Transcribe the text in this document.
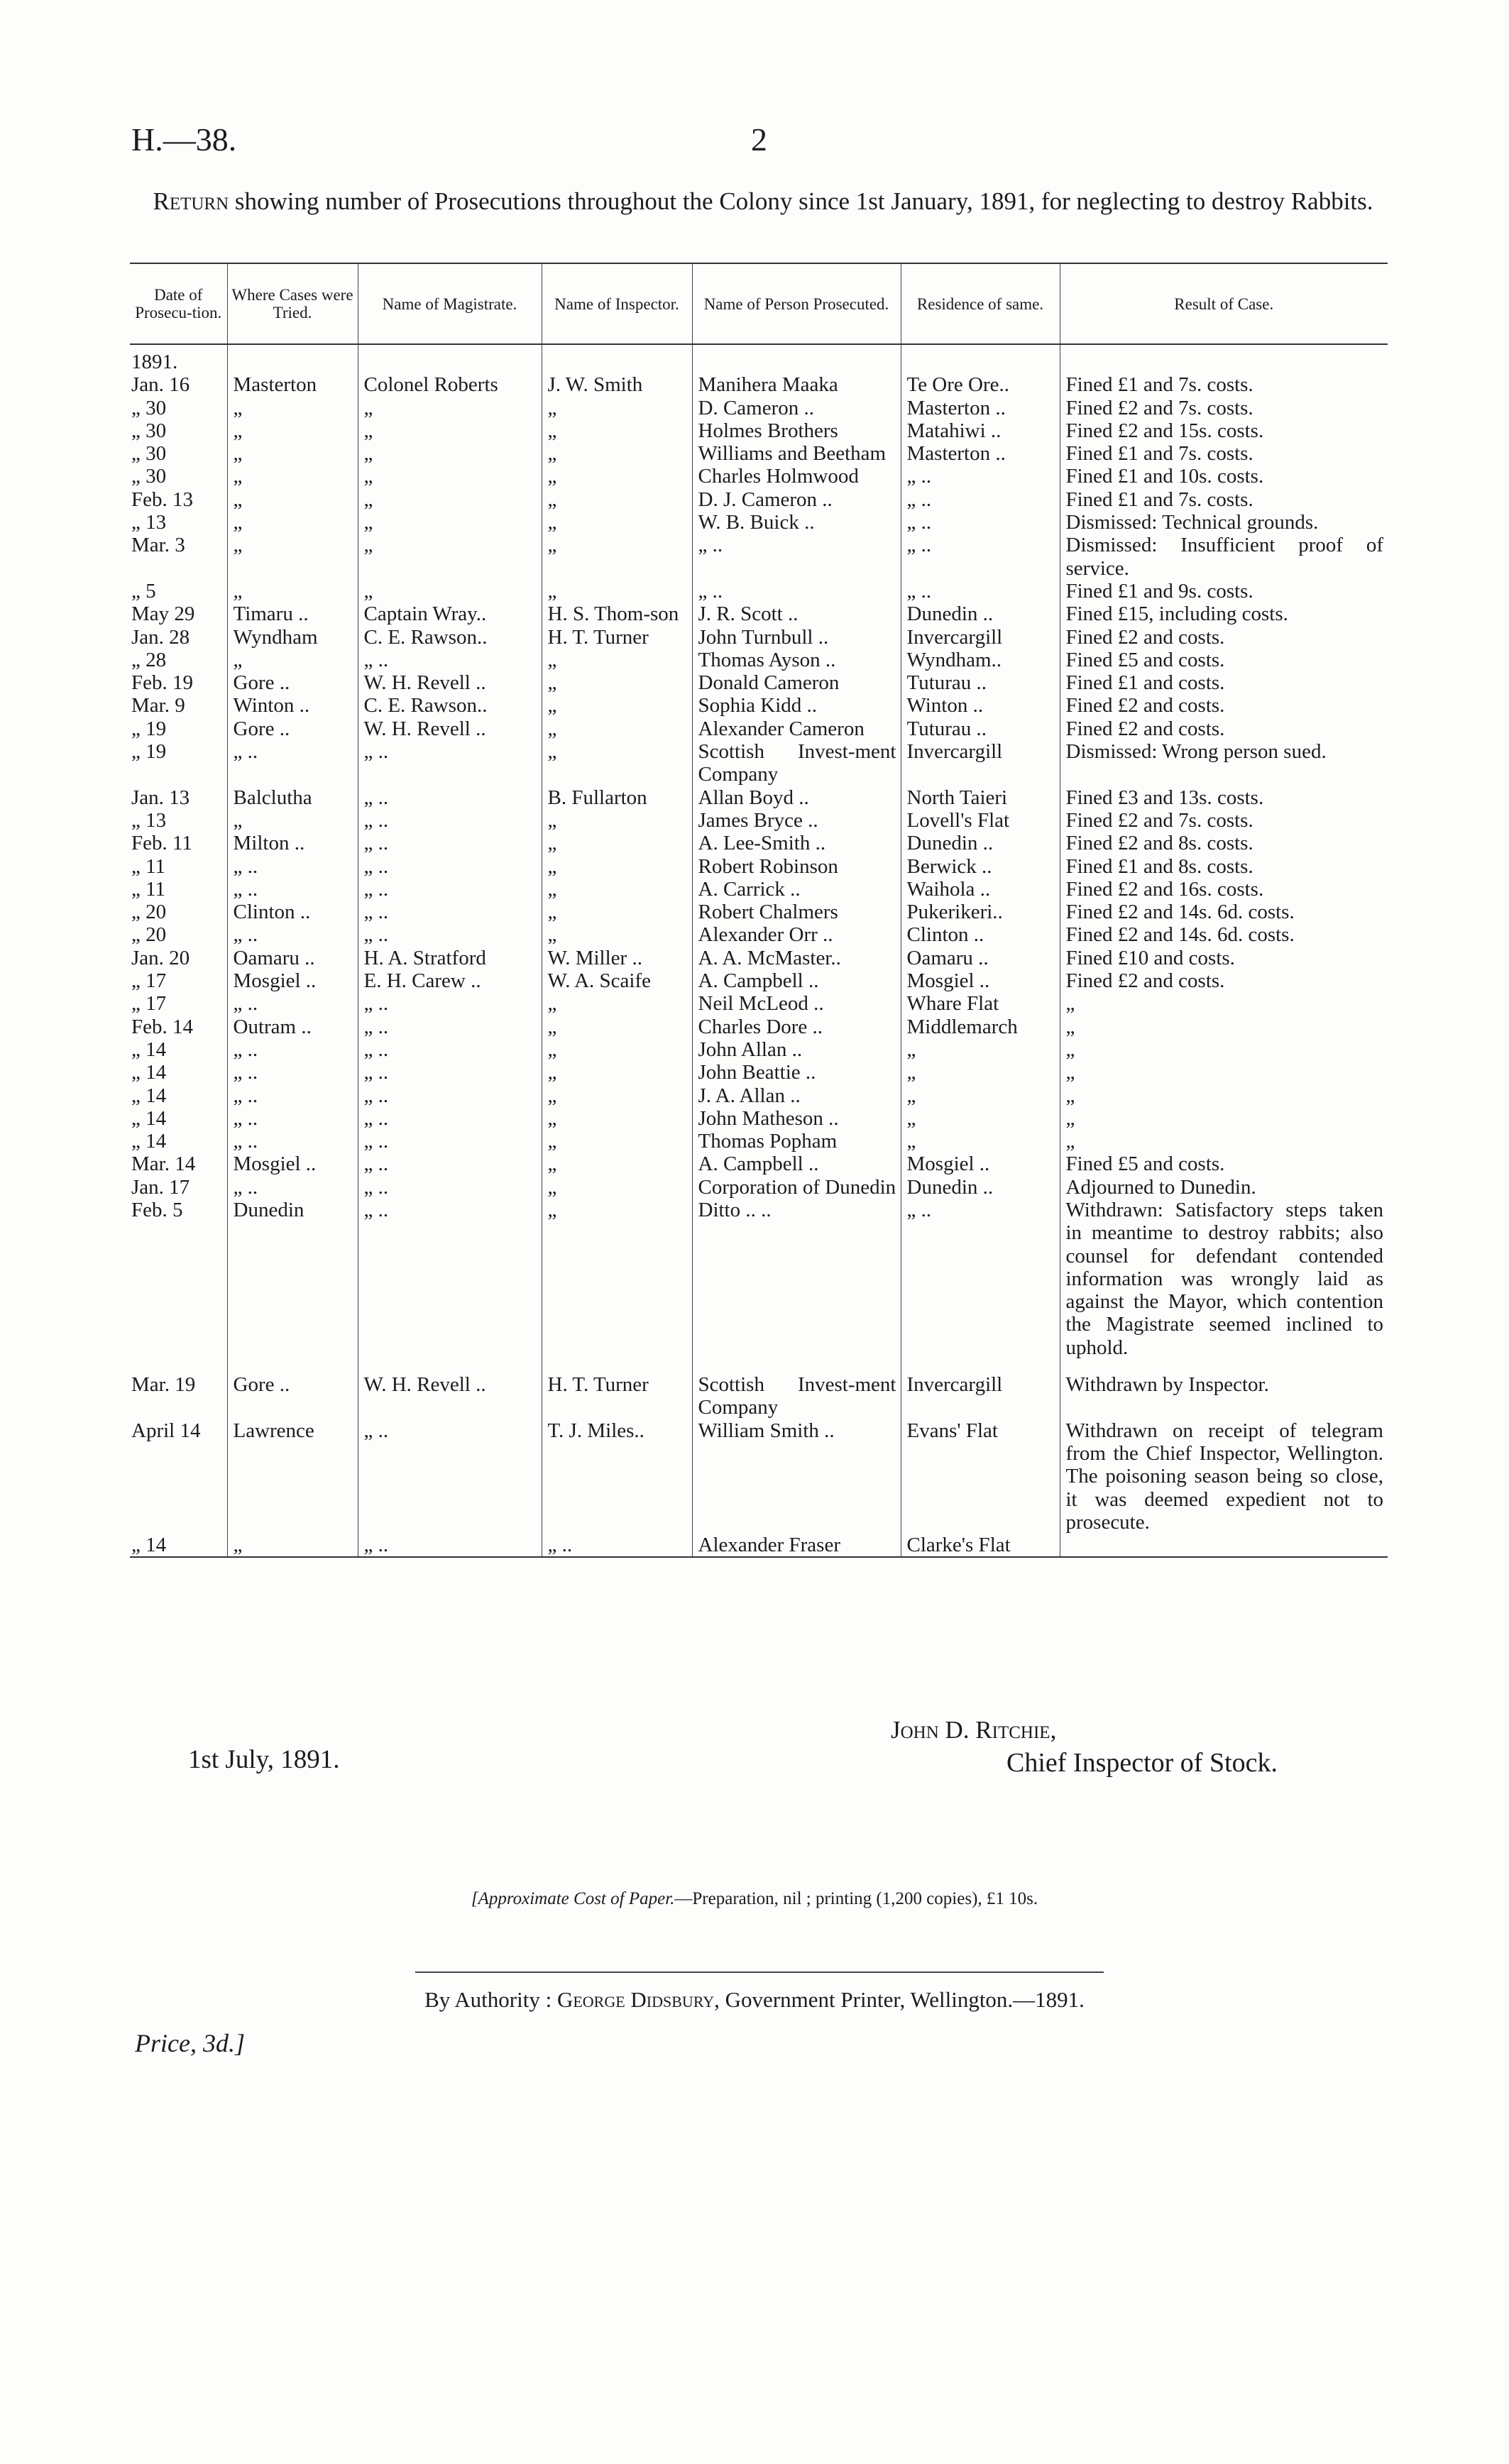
H.—38.	2
Return showing number of Prosecutions throughout the Colony since 1st January, 1891, for neglecting to destroy Rabbits.
Date of Prosecu-tion.	Where Cases were Tried.	Name of Magistrate.	Name of Inspector.	Name of Person Prosecuted.	Residence of same.	Result of Case.
1891.						
Jan. 16	Masterton	Colonel Roberts	J. W. Smith	Manihera Maaka	Te Ore Ore..	Fined £1 and 7s. costs.
„ 30	„	„	„	D. Cameron ..	Masterton ..	Fined £2 and 7s. costs.
„ 30	„	„	„	Holmes Brothers	Matahiwi ..	Fined £2 and 15s. costs.
„ 30	„	„	„	Williams and Beetham	Masterton ..	Fined £1 and 7s. costs.
„ 30	„	„	„	Charles Holmwood	„ ..	Fined £1 and 10s. costs.
Feb. 13	„	„	„	D. J. Cameron ..	„ ..	Fined £1 and 7s. costs.
„ 13	„	„	„	W. B. Buick ..	„ ..	Dismissed: Technical grounds.
Mar. 3	„	„	„	„ ..	„ ..	Dismissed: Insufficient proof of service.
„ 5	„	„	„	„ ..	„ ..	Fined £1 and 9s. costs.
May 29	Timaru ..	Captain Wray..	H. S. Thom-son	J. R. Scott ..	Dunedin ..	Fined £15, including costs.
Jan. 28	Wyndham	C. E. Rawson..	H. T. Turner	John Turnbull ..	Invercargill	Fined £2 and costs.
„ 28	„	„ ..	„	Thomas Ayson ..	Wyndham..	Fined £5 and costs.
Feb. 19	Gore ..	W. H. Revell ..	„	Donald Cameron	Tuturau ..	Fined £1 and costs.
Mar. 9	Winton ..	C. E. Rawson..	„	Sophia Kidd ..	Winton ..	Fined £2 and costs.
„ 19	Gore ..	W. H. Revell ..	„	Alexander Cameron	Tuturau ..	Fined £2 and costs.
„ 19	„ ..	„ ..	„	Scottish Invest-ment Company	Invercargill	Dismissed: Wrong person sued.
Jan. 13	Balclutha	„ ..	B. Fullarton	Allan Boyd ..	North Taieri	Fined £3 and 13s. costs.
„ 13	„	„ ..	„	James Bryce ..	Lovell's Flat	Fined £2 and 7s. costs.
Feb. 11	Milton ..	„ ..	„	A. Lee-Smith ..	Dunedin ..	Fined £2 and 8s. costs.
„ 11	„ ..	„ ..	„	Robert Robinson	Berwick ..	Fined £1 and 8s. costs.
„ 11	„ ..	„ ..	„	A. Carrick ..	Waihola ..	Fined £2 and 16s. costs.
„ 20	Clinton ..	„ ..	„	Robert Chalmers	Pukerikeri..	Fined £2 and 14s. 6d. costs.
„ 20	„ ..	„ ..	„	Alexander Orr ..	Clinton ..	Fined £2 and 14s. 6d. costs.
Jan. 20	Oamaru ..	H. A. Stratford	W. Miller ..	A. A. McMaster..	Oamaru ..	Fined £10 and costs.
„ 17	Mosgiel ..	E. H. Carew ..	W. A. Scaife	A. Campbell ..	Mosgiel ..	Fined £2 and costs.
„ 17	„ ..	„ ..	„	Neil McLeod ..	Whare Flat	„
Feb. 14	Outram ..	„ ..	„	Charles Dore ..	Middlemarch	„
„ 14	„ ..	„ ..	„	John Allan ..	„	„
„ 14	„ ..	„ ..	„	John Beattie ..	„	„
„ 14	„ ..	„ ..	„	J. A. Allan ..	„	„
„ 14	„ ..	„ ..	„	John Matheson ..	„	„
„ 14	„ ..	„ ..	„	Thomas Popham	„	„
Mar. 14	Mosgiel ..	„ ..	„	A. Campbell ..	Mosgiel ..	Fined £5 and costs.
Jan. 17	„ ..	„ ..	„	Corporation of Dunedin	Dunedin ..	Adjourned to Dunedin.
Feb. 5	Dunedin	„ ..	„	Ditto .. ..	„ ..	Withdrawn: Satisfactory steps taken in meantime to destroy rabbits; also counsel for defendant contended information was wrongly laid as against the Mayor, which contention the Magistrate seemed inclined to uphold.

Mar. 19	Gore ..	W. H. Revell ..	H. T. Turner	Scottish Invest-ment Company	Invercargill	Withdrawn by Inspector.
April 14	Lawrence	„ ..	T. J. Miles..	William Smith ..	Evans' Flat	Withdrawn on receipt of telegram from the Chief Inspector, Wellington. The poisoning season being so close, it was deemed expedient not to prosecute.
„ 14	„	„ ..	„ ..	Alexander Fraser	Clarke's Flat	
1st July, 1891.
John D. Ritchie,
Chief Inspector of Stock.
[Approximate Cost of Paper.—Preparation, nil ; printing (1,200 copies), £1 10s.
By Authority : George Didsbury, Government Printer, Wellington.—1891.
Price, 3d.]
